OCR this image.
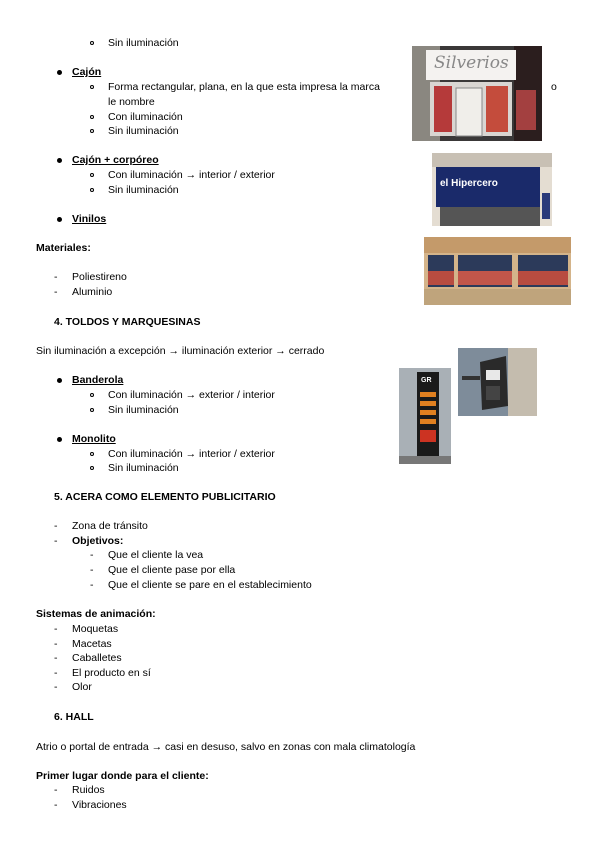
Sin iluminación
Cajón
Forma rectangular, plana, en la que esta impresa la marca
le nombre
o
Con iluminación
Sin iluminación
Cajón + corpóreo
Con iluminación → interior / exterior
Sin iluminación
Vinilos
Materiales:
- Poliestireno
- Aluminio
4. TOLDOS Y MARQUESINAS
Sin iluminación a excepción → iluminación exterior → cerrado
Banderola
Con iluminación → exterior / interior
Sin iluminación
Monolito
Con iluminación → interior / exterior
Sin iluminación
5. ACERA COMO ELEMENTO PUBLICITARIO
- Zona de tránsito
- Objetivos:
- Que el cliente la vea
- Que el cliente pase por ella
- Que el cliente se pare en el establecimiento
Sistemas de animación:
- Moquetas
- Macetas
- Caballetes
- El producto en sí
- Olor
6. HALL
Atrio o portal de entrada → casi en desuso, salvo en zonas con mala climatología
Primer lugar donde para el cliente:
- Ruidos
- Vibraciones
Silverios
el Hipercero
GR
